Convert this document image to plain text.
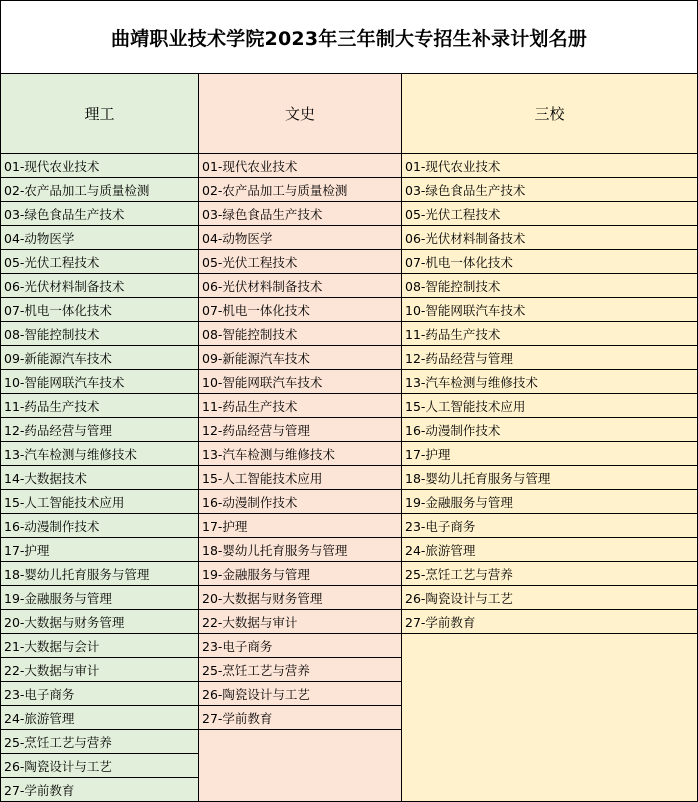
曲靖职业技术学院2023年三年制大专招生补录计划名册
理工
01-现代农业技术
02-农产品加工与质量检测
03-绿色食品生产技术
04-动物医学
05-光伏工程技术
06-光伏材料制备技术
07-机电一体化技术
08-智能控制技术
09-新能源汽车技术
10-智能网联汽车技术
11-药品生产技术
12-药品经营与管理
13-汽车检测与维修技术
14-大数据技术
15-人工智能技术应用
16-动漫制作技术
17-护理
18-婴幼儿托育服务与管理
19-金融服务与管理
20-大数据与财务管理
21-大数据与会计
22-大数据与审计
23-电子商务
24-旅游管理
25-烹饪工艺与营养
26-陶瓷设计与工艺
27-学前教育
文史
01-现代农业技术
02-农产品加工与质量检测
03-绿色食品生产技术
04-动物医学
05-光伏工程技术
06-光伏材料制备技术
07-机电一体化技术
08-智能控制技术
09-新能源汽车技术
10-智能网联汽车技术
11-药品生产技术
12-药品经营与管理
13-汽车检测与维修技术
15-人工智能技术应用
16-动漫制作技术
17-护理
18-婴幼儿托育服务与管理
19-金融服务与管理
20-大数据与财务管理
22-大数据与审计
23-电子商务
25-烹饪工艺与营养
26-陶瓷设计与工艺
27-学前教育
三校
01-现代农业技术
03-绿色食品生产技术
05-光伏工程技术
06-光伏材料制备技术
07-机电一体化技术
08-智能控制技术
10-智能网联汽车技术
11-药品生产技术
12-药品经营与管理
13-汽车检测与维修技术
15-人工智能技术应用
16-动漫制作技术
17-护理
18-婴幼儿托育服务与管理
19-金融服务与管理
23-电子商务
24-旅游管理
25-烹饪工艺与营养
26-陶瓷设计与工艺
27-学前教育
